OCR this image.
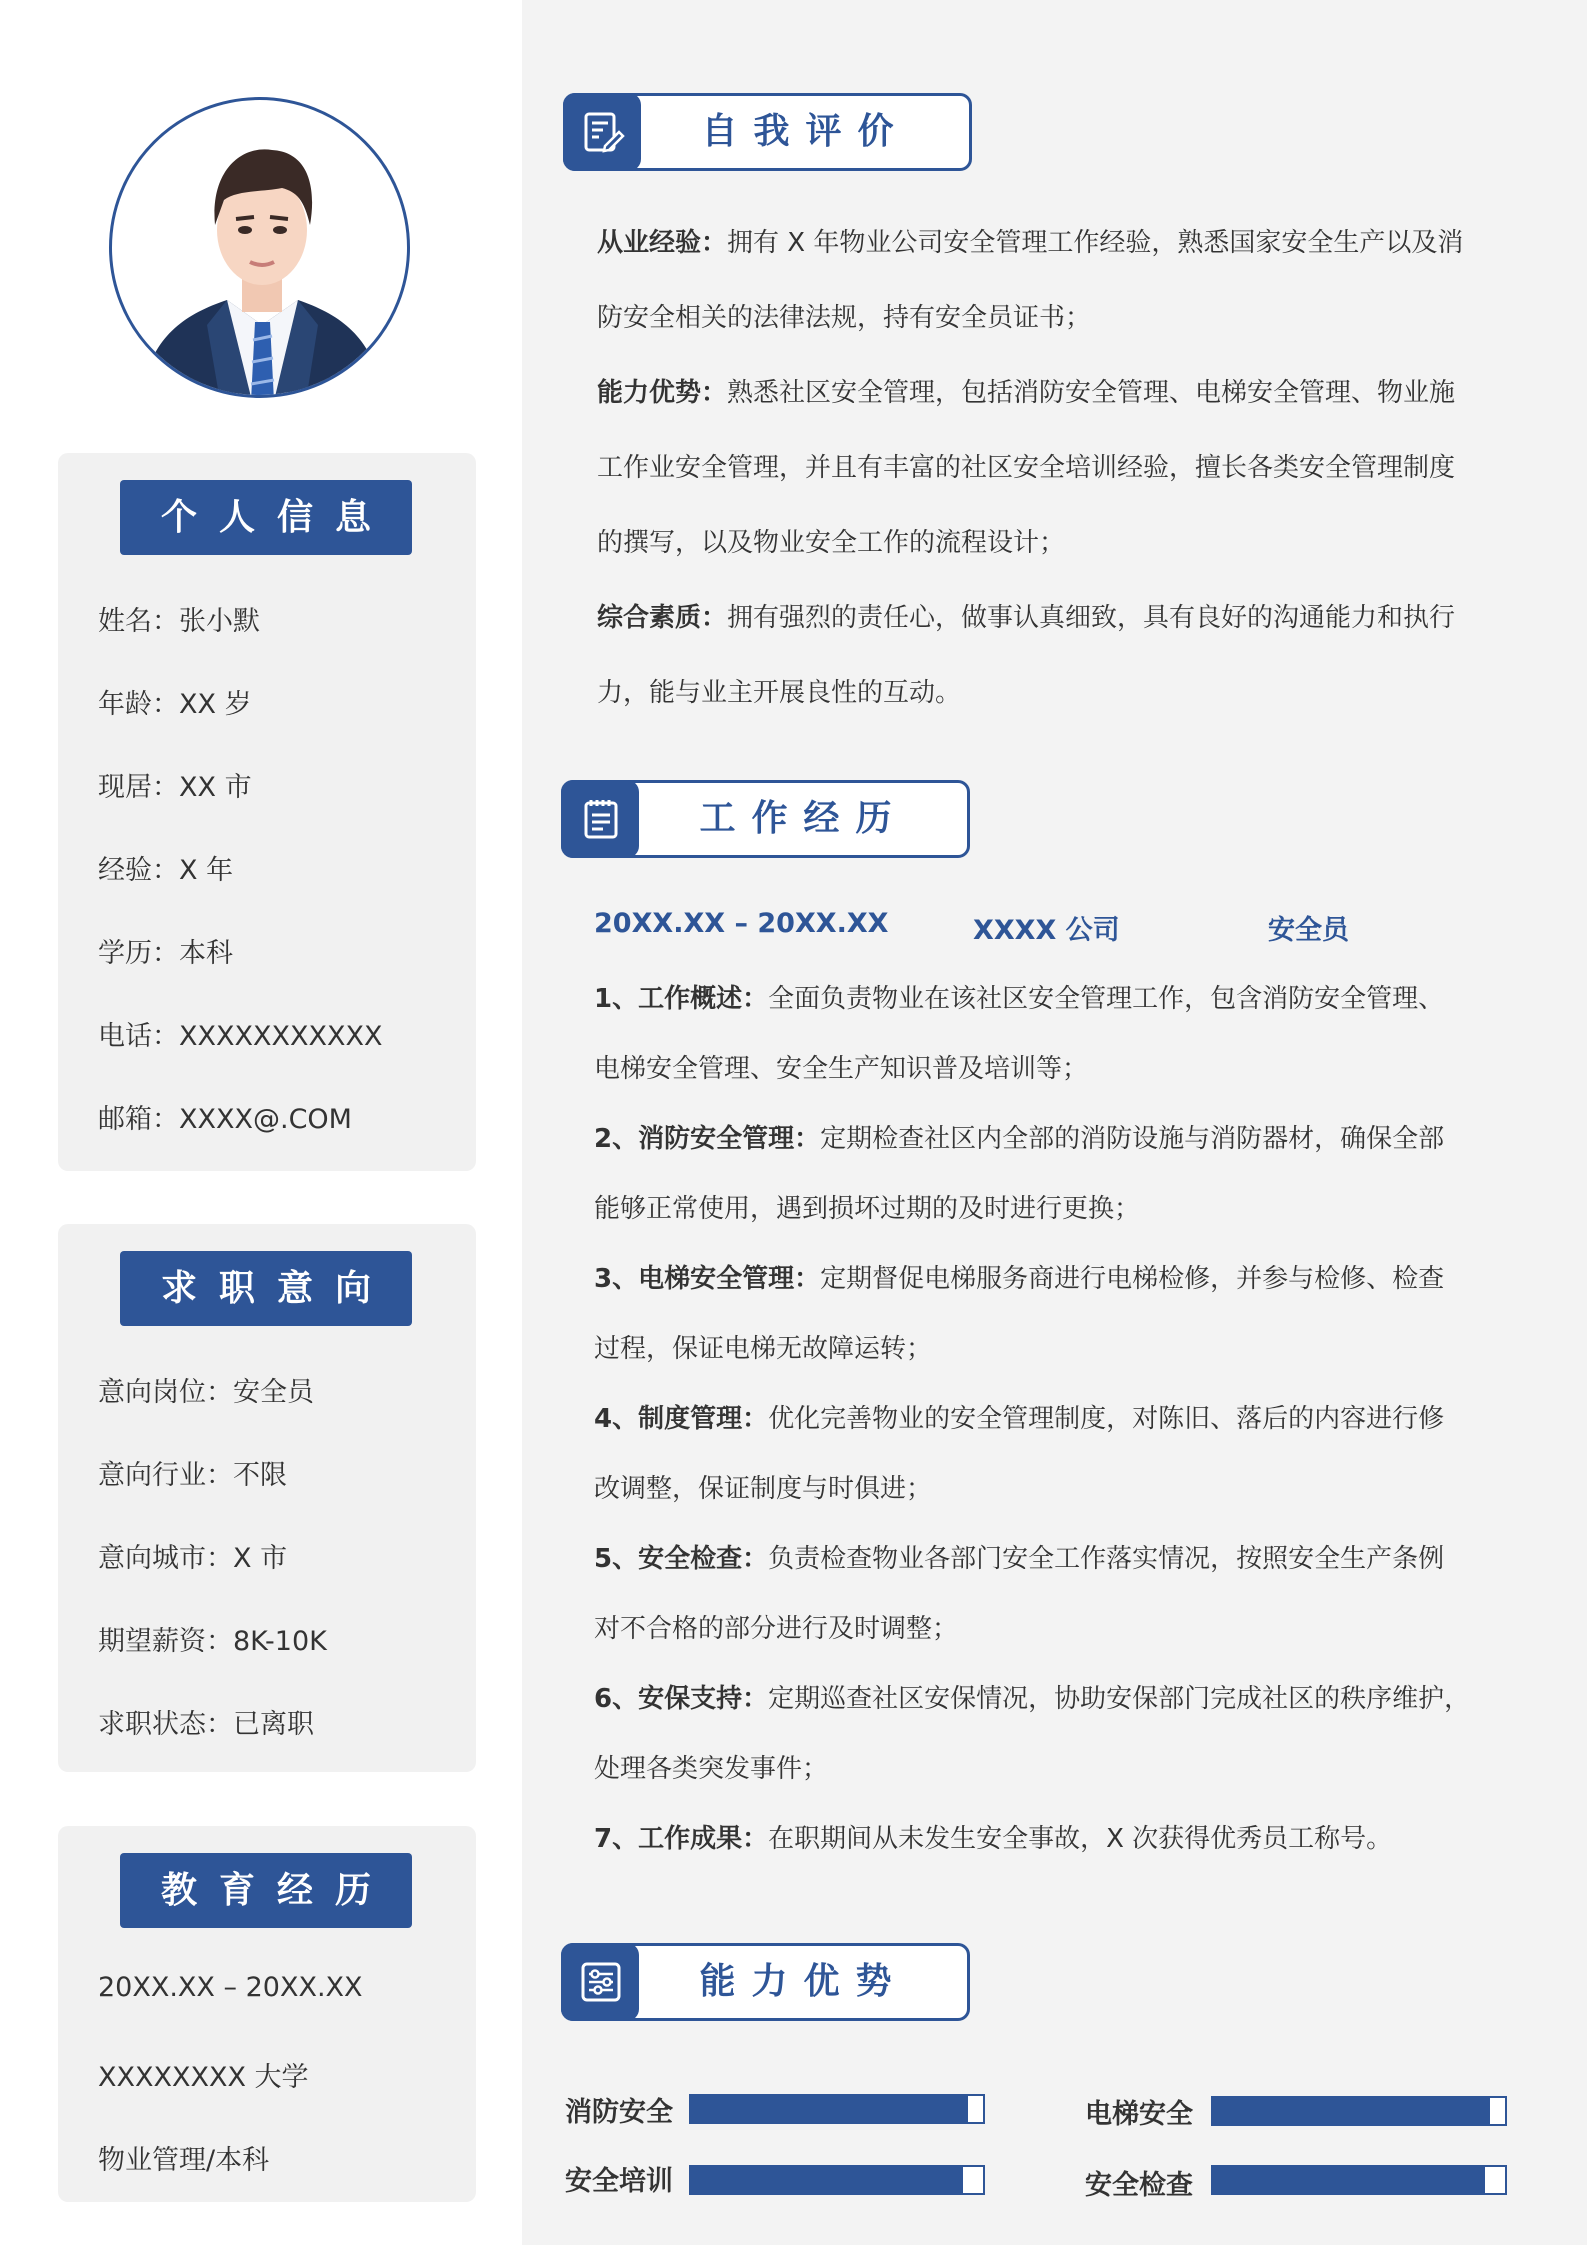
个人信息
姓名：张小默
年龄：XX 岁
现居：XX 市
经验：X 年
学历：本科
电话：XXXXXXXXXXX
邮箱：XXXX@.COM
求职意向
意向岗位：安全员
意向行业：不限
意向城市：X 市
期望薪资：8K-10K
求职状态：已离职
教育经历
20XX.XX – 20XX.XX
XXXXXXXX 大学
物业管理/本科
自我评价
从业经验：拥有 X 年物业公司安全管理工作经验，熟悉国家安全生产以及消
防安全相关的法律法规，持有安全员证书；
能力优势：熟悉社区安全管理，包括消防安全管理、电梯安全管理、物业施
工作业安全管理，并且有丰富的社区安全培训经验，擅长各类安全管理制度
的撰写，以及物业安全工作的流程设计；
综合素质：拥有强烈的责任心，做事认真细致，具有良好的沟通能力和执行
力，能与业主开展良性的互动。
工作经历
20XX.XX – 20XX.XX	XXXX 公司	安全员
1、工作概述：全面负责物业在该社区安全管理工作，包含消防安全管理、
电梯安全管理、安全生产知识普及培训等；
2、消防安全管理：定期检查社区内全部的消防设施与消防器材，确保全部
能够正常使用，遇到损坏过期的及时进行更换；
3、电梯安全管理：定期督促电梯服务商进行电梯检修，并参与检修、检查
过程，保证电梯无故障运转；
4、制度管理：优化完善物业的安全管理制度，对陈旧、落后的内容进行修
改调整，保证制度与时俱进；
5、安全检查：负责检查物业各部门安全工作落实情况，按照安全生产条例
对不合格的部分进行及时调整；
6、安保支持：定期巡查社区安保情况，协助安保部门完成社区的秩序维护，
处理各类突发事件；
7、工作成果：在职期间从未发生安全事故，X 次获得优秀员工称号。
能力优势
消防安全	电梯安全
安全培训	安全检查
